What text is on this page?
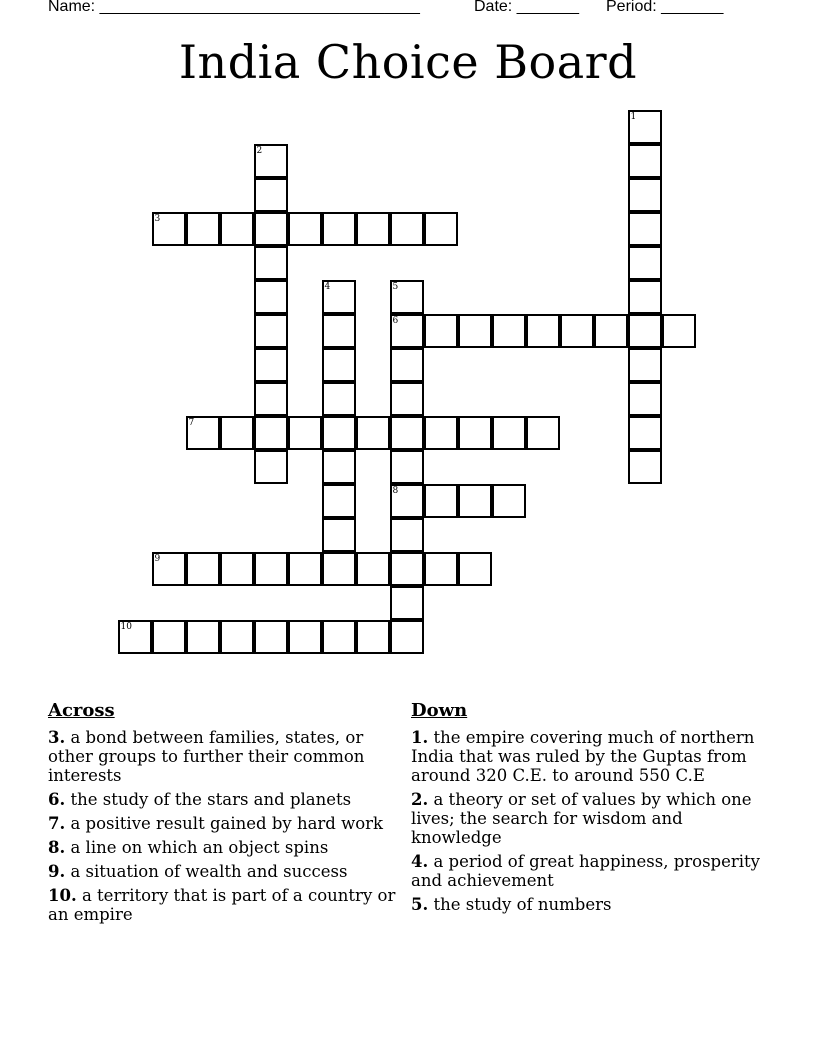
Name: ____________________________________	Date: _______ Period: _______
India Choice Board
1
2
3
4	5
6
8
7
9
10
Across
3. a bond between families, states, or other groups to further their common interests
6. the study of the stars and planets
7. a positive result gained by hard work
8. a line on which an object spins
9. a situation of wealth and success
10. a territory that is part of a country or an empire
Down
1. the empire covering much of northern India that was ruled by the Guptas from around 320 C.E. to around 550 C.E
2. a theory or set of values by which one lives; the search for wisdom and knowledge
4. a period of great happiness, prosperity and achievement
5. the study of numbers
